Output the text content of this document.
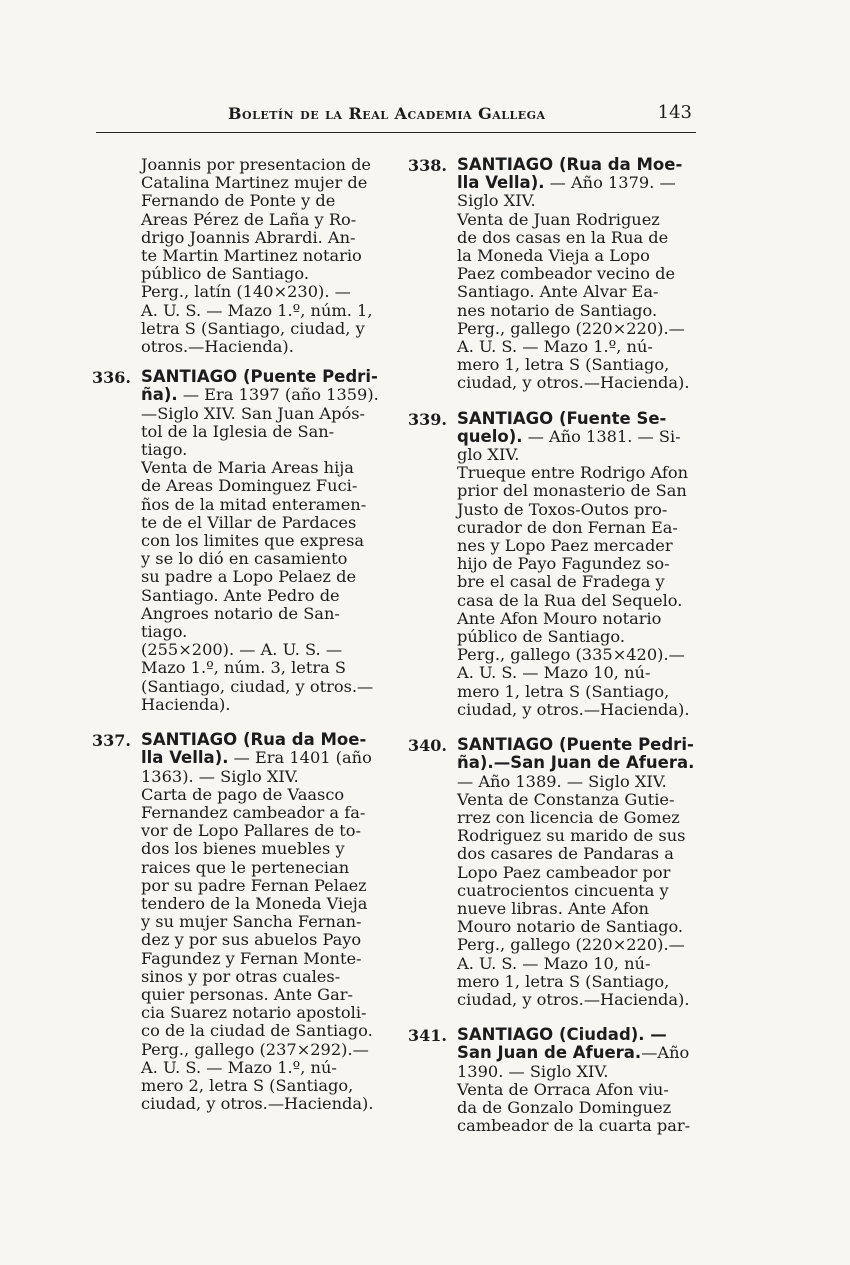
Boletín de la Real Academia Gallega	143
Joannis por presentacion de
Catalina Martinez mujer de
Fernando de Ponte y de
Areas Pérez de Laña y Ro-
drigo Joannis Abrardi. An-
te Martin Martinez notario
público de Santiago.
Perg., latín (140×230). —
A. U. S. — Mazo 1.º, núm. 1,
letra S (Santiago, ciudad, y
otros.—Hacienda).
336. SANTIAGO (Puente Pedri-
ña). — Era 1397 (año 1359).
—Siglo XIV. San Juan Após-
tol de la Iglesia de San-
tiago.
Venta de Maria Areas hija
de Areas Dominguez Fuci-
ños de la mitad enteramen-
te de el Villar de Pardaces
con los limites que expresa
y se lo dió en casamiento
su padre a Lopo Pelaez de
Santiago. Ante Pedro de
Angroes notario de San-
tiago.
(255×200). — A. U. S. —
Mazo 1.º, núm. 3, letra S
(Santiago, ciudad, y otros.—
Hacienda).
337. SANTIAGO (Rua da Moe-
lla Vella). — Era 1401 (año
1363). — Siglo XIV.
Carta de pago de Vaasco
Fernandez cambeador a fa-
vor de Lopo Pallares de to-
dos los bienes muebles y
raices que le pertenecian
por su padre Fernan Pelaez
tendero de la Moneda Vieja
y su mujer Sancha Fernan-
dez y por sus abuelos Payo
Fagundez y Fernan Monte-
sinos y por otras cuales-
quier personas. Ante Gar-
cia Suarez notario apostoli-
co de la ciudad de Santiago.
Perg., gallego (237×292).—
A. U. S. — Mazo 1.º, nú-
mero 2, letra S (Santiago,
ciudad, y otros.—Hacienda).
338. SANTIAGO (Rua da Moe-
lla Vella). — Año 1379. —
Siglo XIV.
Venta de Juan Rodriguez
de dos casas en la Rua de
la Moneda Vieja a Lopo
Paez combeador vecino de
Santiago. Ante Alvar Ea-
nes notario de Santiago.
Perg., gallego (220×220).—
A. U. S. — Mazo 1.º, nú-
mero 1, letra S (Santiago,
ciudad, y otros.—Hacienda).
339. SANTIAGO (Fuente Se-
quelo). — Año 1381. — Si-
glo XIV.
Trueque entre Rodrigo Afon
prior del monasterio de San
Justo de Toxos-Outos pro-
curador de don Fernan Ea-
nes y Lopo Paez mercader
hijo de Payo Fagundez so-
bre el casal de Fradega y
casa de la Rua del Sequelo.
Ante Afon Mouro notario
público de Santiago.
Perg., gallego (335×420).—
A. U. S. — Mazo 10, nú-
mero 1, letra S (Santiago,
ciudad, y otros.—Hacienda).
340. SANTIAGO (Puente Pedri-
ña).—San Juan de Afuera.
— Año 1389. — Siglo XIV.
Venta de Constanza Gutie-
rrez con licencia de Gomez
Rodriguez su marido de sus
dos casares de Pandaras a
Lopo Paez cambeador por
cuatrocientos cincuenta y
nueve libras. Ante Afon
Mouro notario de Santiago.
Perg., gallego (220×220).—
A. U. S. — Mazo 10, nú-
mero 1, letra S (Santiago,
ciudad, y otros.—Hacienda).
341. SANTIAGO (Ciudad). —
San Juan de Afuera.—Año
1390. — Siglo XIV.
Venta de Orraca Afon viu-
da de Gonzalo Dominguez
cambeador de la cuarta par-
